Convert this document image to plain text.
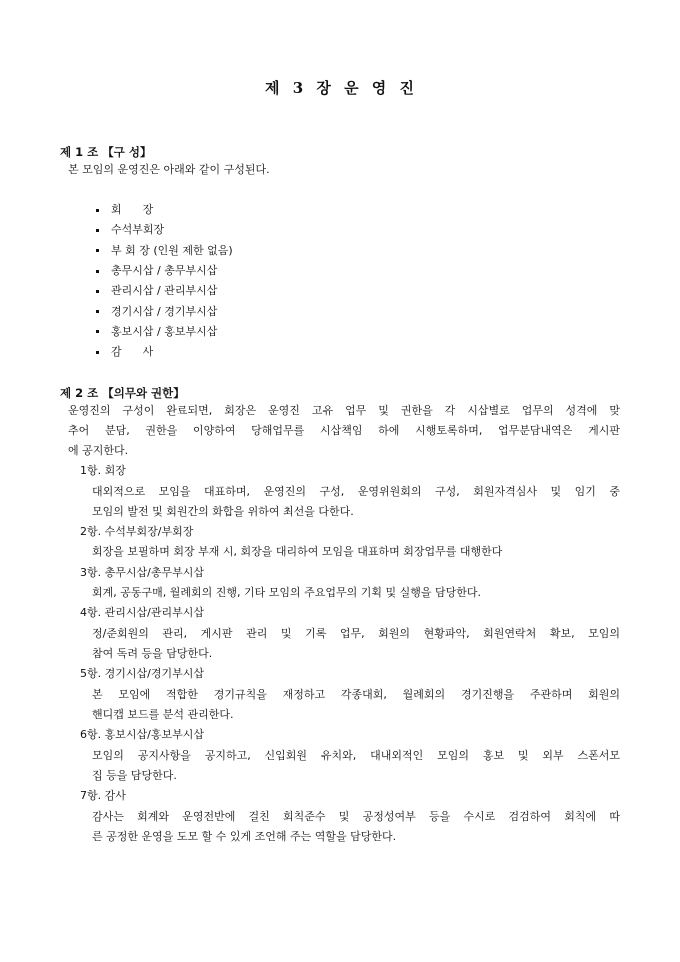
제 3 장 운 영 진
제 1 조 【구 성】
본 모임의 운영진은 아래와 같이 구성된다.
회      장
수석부회장
부 회 장 (인원 제한 없음)
총무시삽 / 총무부시삽
관리시삽 / 관리부시삽
경기시삽 / 경기부시삽
홍보시삽 / 홍보부시삽
감      사
제 2 조 【의무와 권한】
운영진의 구성이 완료되면, 회장은 운영진 고유 업무 및 권한을 각 시삽별로 업무의 성격에 맞
추어 분담, 권한을 이양하여 당해업무를 시삽책임 하에 시행토록하며, 업무분담내역은 게시판
에 공지한다.
1항. 회장
대외적으로 모임을 대표하며, 운영진의 구성, 운영위원회의 구성, 회원자격심사 및 임기 중
모임의 발전 및 회원간의 화합을 위하여 최선을 다한다.
2항. 수석부회장/부회장
회장을 보필하며 회장 부재 시, 회장을 대리하여 모임을 대표하며 회장업무를 대행한다
3항. 총무시삽/총무부시삽
회계, 공동구매, 월례회의 진행, 기타 모임의 주요업무의 기획 및 실행을 담당한다.
4항. 관리시삽/관리부시삽
정/준회원의 관리, 게시판 관리 및 기록 업무, 회원의 현황파악, 회원연락처 확보, 모임의
참여 독려 등을 담당한다.
5항. 경기시삽/경기부시삽
본 모임에 적합한 경기규칙을 재정하고 각종대회, 월례회의 경기진행을 주관하며 회원의
핸디캡 보드를 분석 관리한다.
6항. 홍보시삽/홍보부시삽
모임의 공지사항을 공지하고, 신입회원 유치와, 대내외적인 모임의 홍보 및 외부 스폰서모
집 등을 담당한다.
7항. 감사
감사는 회계와 운영전반에 걸친 회칙준수 및 공정성여부 등을 수시로 검검하여 회칙에 따
른 공정한 운영을 도모 할 수 있게 조언해 주는 역할을 담당한다.
